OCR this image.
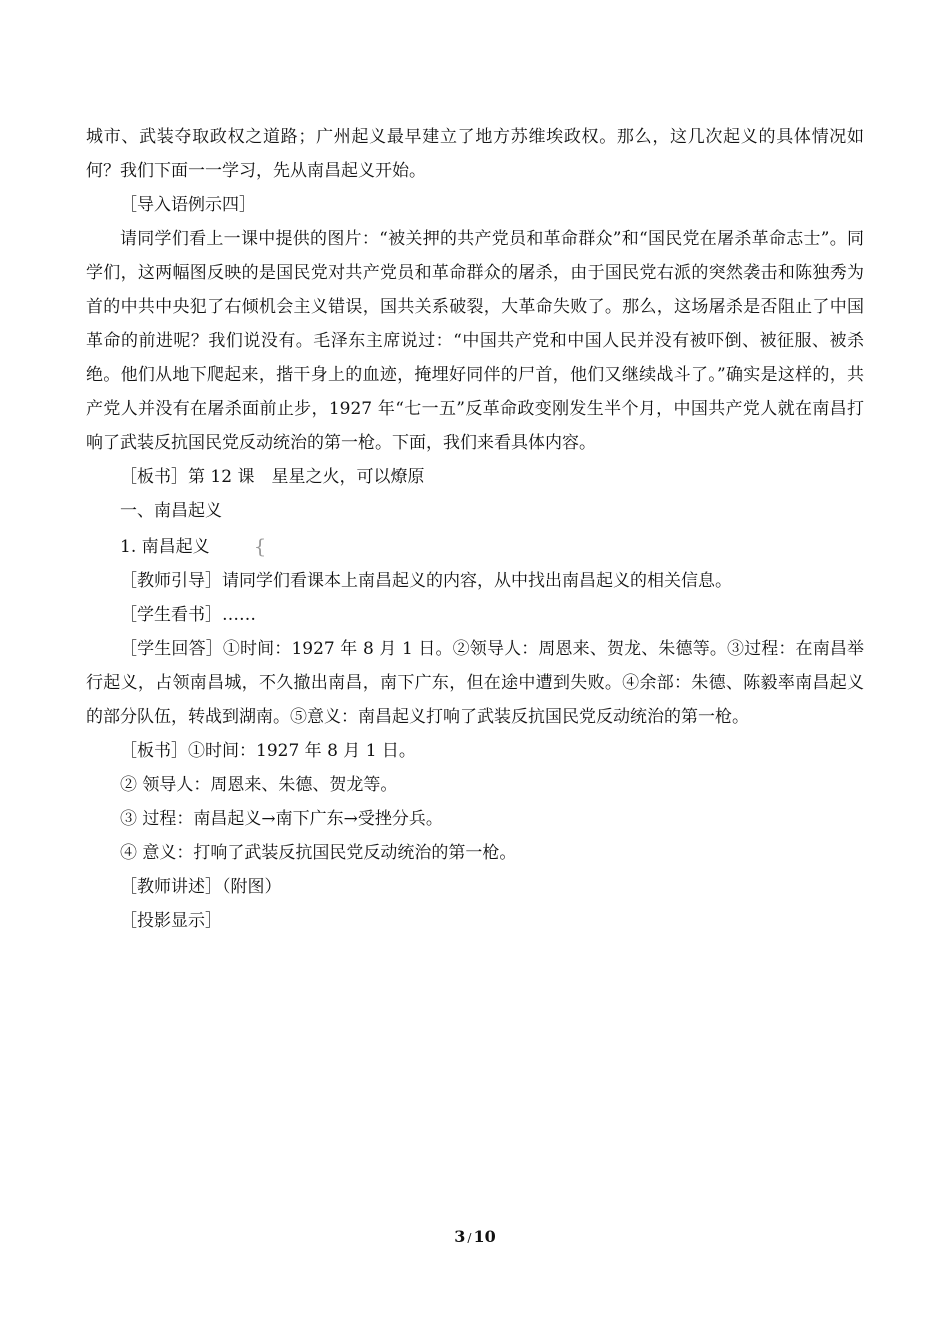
城市、武装夺取政权之道路；广州起义最早建立了地方苏维埃政权。那么，这几次起义的具体情况如何？我们下面一一学习，先从南昌起义开始。

［导入语例示四］

请同学们看上一课中提供的图片：“被关押的共产党员和革命群众”和“国民党在屠杀革命志士”。同学们，这两幅图反映的是国民党对共产党员和革命群众的屠杀，由于国民党右派的突然袭击和陈独秀为首的中共中央犯了右倾机会主义错误，国共关系破裂，大革命失败了。那么，这场屠杀是否阻止了中国革命的前进呢？我们说没有。毛泽东主席说过：“中国共产党和中国人民并没有被吓倒、被征服、被杀绝。他们从地下爬起来，揩干身上的血迹，掩埋好同伴的尸首，他们又继续战斗了。”确实是这样的，共产党人并没有在屠杀面前止步，1927 年“七一五”反革命政变刚发生半个月，中国共产党人就在南昌打响了武装反抗国民党反动统治的第一枪。下面，我们来看具体内容。

［板书］第 12 课　星星之火，可以燎原

一、南昌起义

1. 南昌起义 {

［教师引导］请同学们看课本上南昌起义的内容，从中找出南昌起义的相关信息。

［学生看书］……

［学生回答］①时间：1927 年 8 月 1 日。②领导人：周恩来、贺龙、朱德等。③过程：在南昌举行起义，占领南昌城，不久撤出南昌，南下广东，但在途中遭到失败。④余部：朱德、陈毅率南昌起义的部分队伍，转战到湖南。⑤意义：南昌起义打响了武装反抗国民党反动统治的第一枪。

［板书］①时间：1927 年 8 月 1 日。

② 领导人：周恩来、朱德、贺龙等。

③ 过程：南昌起义→南下广东→受挫分兵。

④ 意义：打响了武装反抗国民党反动统治的第一枪。

［教师讲述］（附图）

［投影显示］

3 / 10
